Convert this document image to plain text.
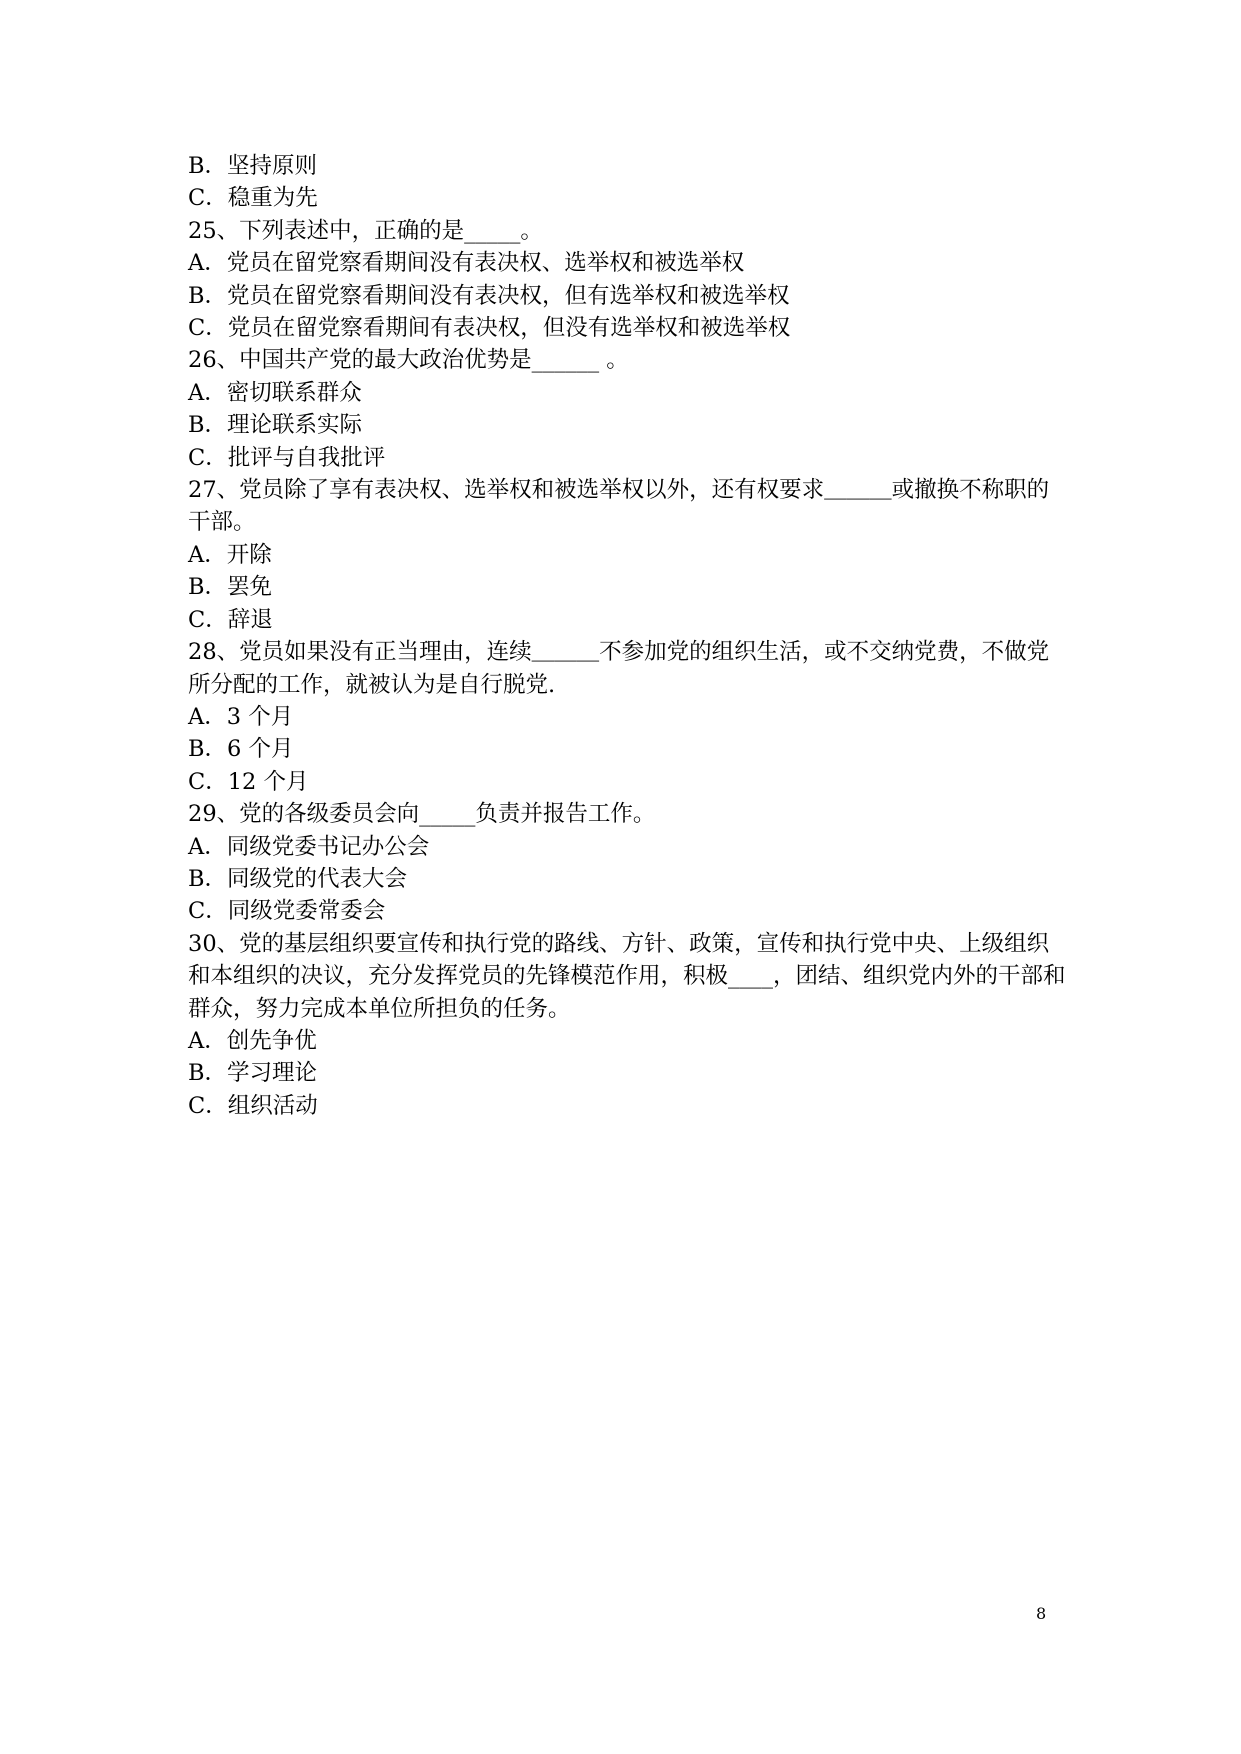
B．坚持原则
C．稳重为先
25、下列表述中，正确的是_____。
A．党员在留党察看期间没有表决权、选举权和被选举权
B．党员在留党察看期间没有表决权，但有选举权和被选举权
C．党员在留党察看期间有表决权，但没有选举权和被选举权
26、中国共产党的最大政治优势是______ 。
A．密切联系群众
B．理论联系实际
C．批评与自我批评
27、党员除了享有表决权、选举权和被选举权以外，还有权要求＿＿＿或撤换不称职的干部。
A．开除
B．罢免
C．辞退
28、党员如果没有正当理由，连续＿＿＿不参加党的组织生活，或不交纳党费，不做党所分配的工作，就被认为是自行脱党.
A．3 个月
B．6 个月
C．12 个月
29、党的各级委员会向_____负责并报告工作。
A．同级党委书记办公会
B．同级党的代表大会
C．同级党委常委会
30、党的基层组织要宣传和执行党的路线、方针、政策，宣传和执行党中央、上级组织和本组织的决议，充分发挥党员的先锋模范作用，积极____，团结、组织党内外的干部和群众，努力完成本单位所担负的任务。
A．创先争优
B．学习理论
C．组织活动
8
